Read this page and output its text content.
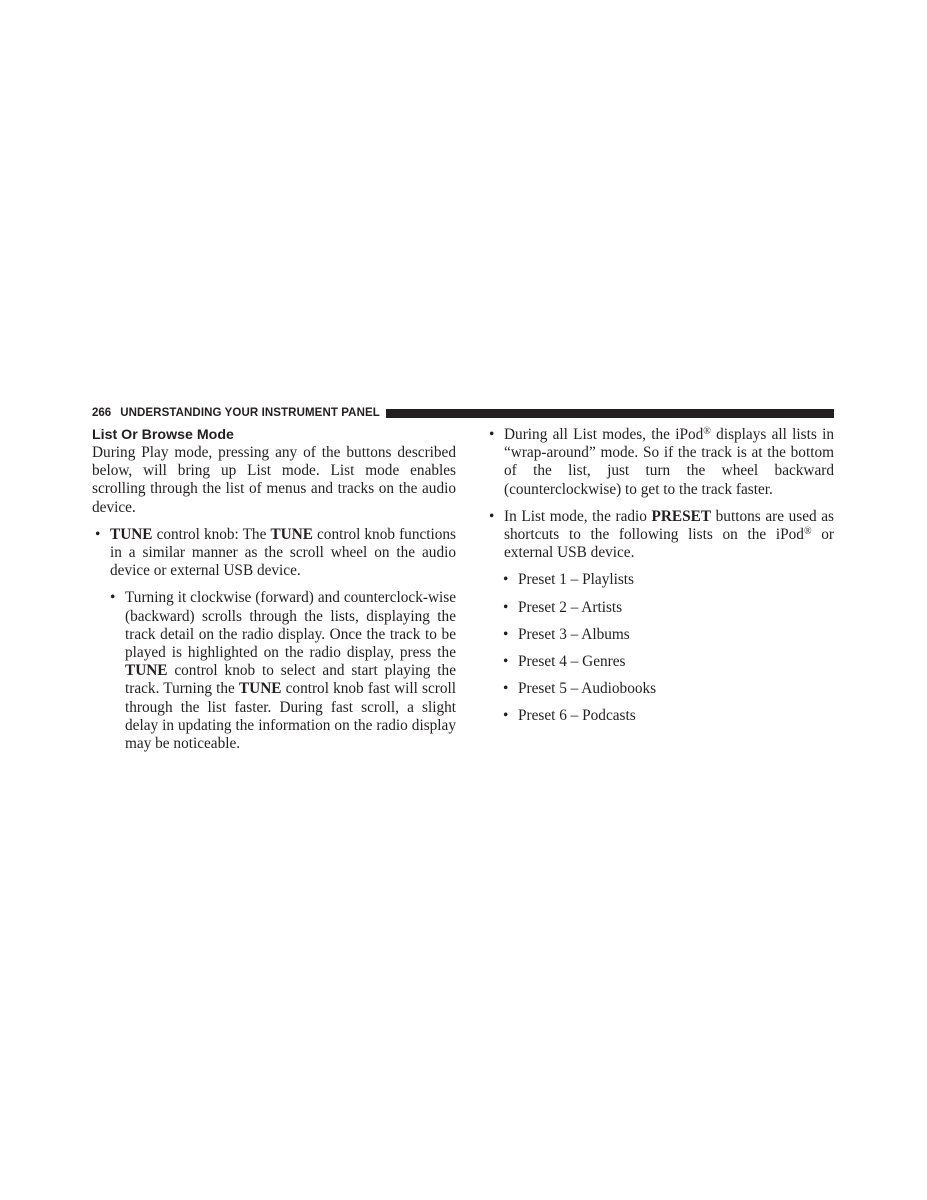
266 UNDERSTANDING YOUR INSTRUMENT PANEL
List Or Browse Mode

During Play mode, pressing any of the buttons described below, will bring up List mode. List mode enables scrolling through the list of menus and tracks on the audio device.

• TUNE control knob: The TUNE control knob functions in a similar manner as the scroll wheel on the audio device or external USB device.
• Turning it clockwise (forward) and counterclock-wise (backward) scrolls through the lists, displaying the track detail on the radio display. Once the track to be played is highlighted on the radio display, press the TUNE control knob to select and start playing the track. Turning the TUNE control knob fast will scroll through the list faster. During fast scroll, a slight delay in updating the information on the radio display may be noticeable.
• During all List modes, the iPod® displays all lists in “wrap-around” mode. So if the track is at the bottom of the list, just turn the wheel backward (counterclockwise) to get to the track faster.
• In List mode, the radio PRESET buttons are used as shortcuts to the following lists on the iPod® or external USB device.
• Preset 1 – Playlists
• Preset 2 – Artists
• Preset 3 – Albums
• Preset 4 – Genres
• Preset 5 – Audiobooks
• Preset 6 – Podcasts
